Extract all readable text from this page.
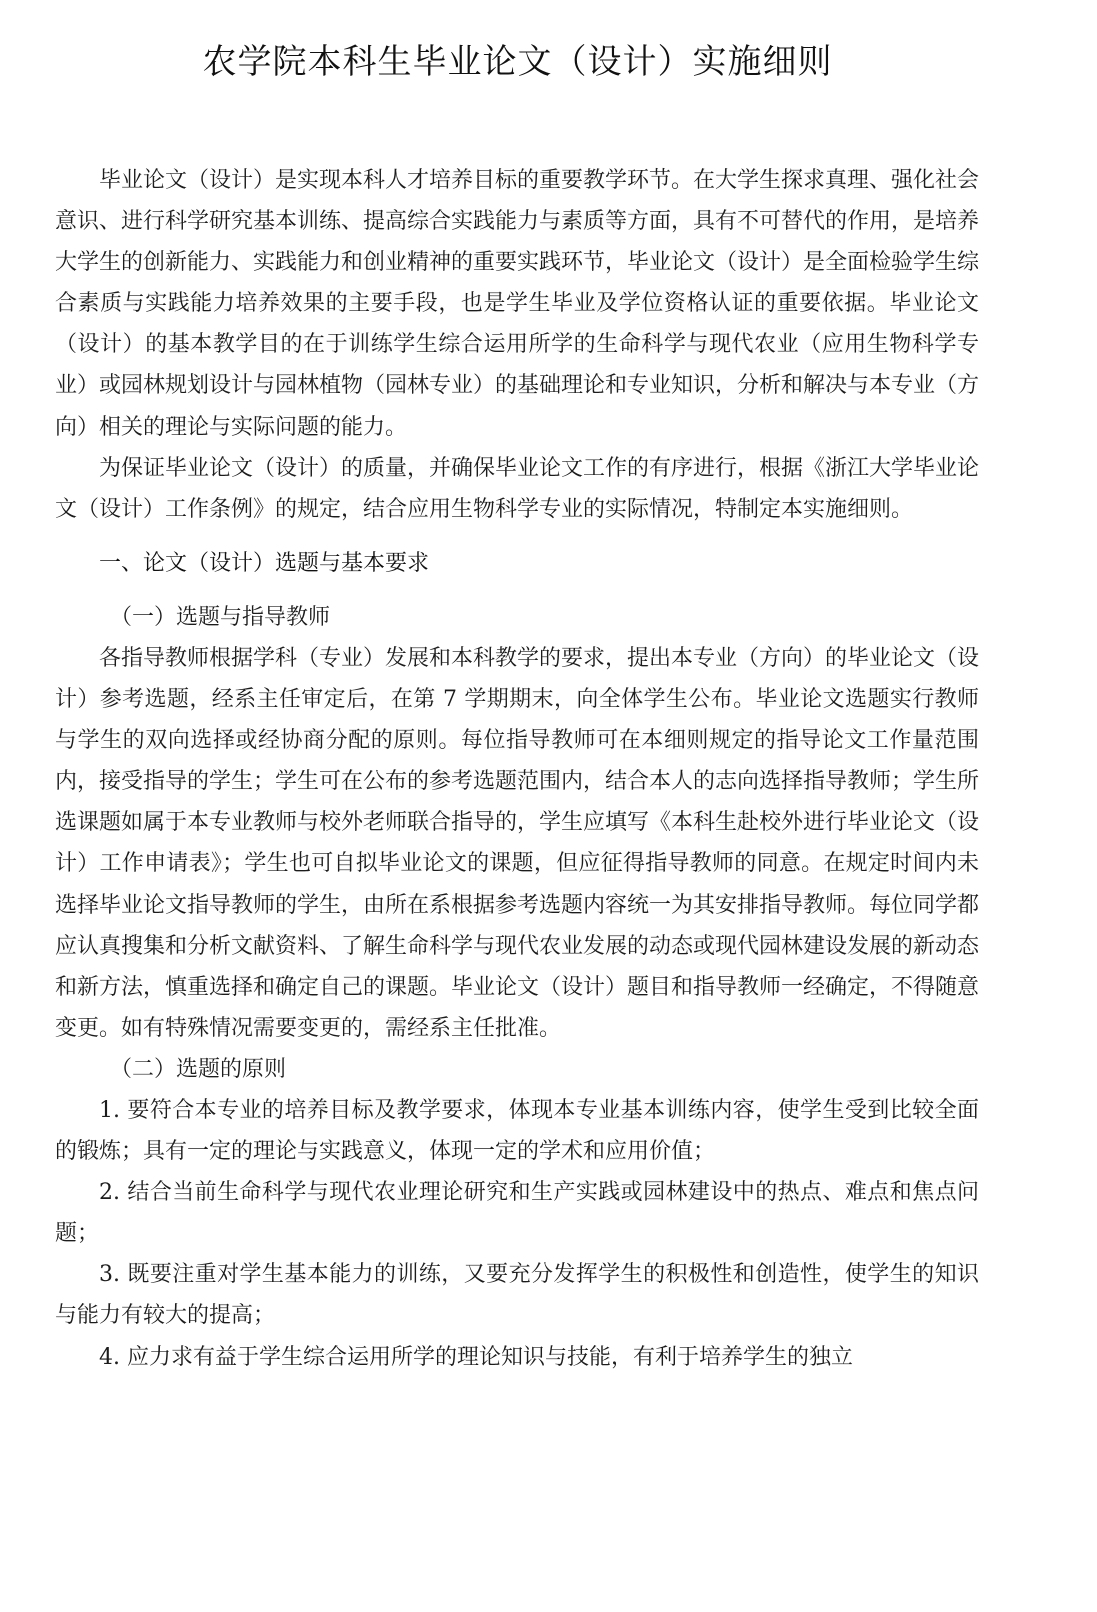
农学院本科生毕业论文（设计）实施细则

毕业论文（设计）是实现本科人才培养目标的重要教学环节。在大学生探求真理、强化社会意识、进行科学研究基本训练、提高综合实践能力与素质等方面，具有不可替代的作用，是培养大学生的创新能力、实践能力和创业精神的重要实践环节，毕业论文（设计）是全面检验学生综合素质与实践能力培养效果的主要手段，也是学生毕业及学位资格认证的重要依据。毕业论文（设计）的基本教学目的在于训练学生综合运用所学的生命科学与现代农业（应用生物科学专业）或园林规划设计与园林植物（园林专业）的基础理论和专业知识，分析和解决与本专业（方向）相关的理论与实际问题的能力。

为保证毕业论文（设计）的质量，并确保毕业论文工作的有序进行，根据《浙江大学毕业论文（设计）工作条例》的规定，结合应用生物科学专业的实际情况，特制定本实施细则。

一、论文（设计）选题与基本要求

（一）选题与指导教师

各指导教师根据学科（专业）发展和本科教学的要求，提出本专业（方向）的毕业论文（设计）参考选题，经系主任审定后，在第 7 学期期末，向全体学生公布。毕业论文选题实行教师与学生的双向选择或经协商分配的原则。每位指导教师可在本细则规定的指导论文工作量范围内，接受指导的学生；学生可在公布的参考选题范围内，结合本人的志向选择指导教师；学生所选课题如属于本专业教师与校外老师联合指导的，学生应填写《本科生赴校外进行毕业论文（设计）工作申请表》；学生也可自拟毕业论文的课题，但应征得指导教师的同意。在规定时间内未选择毕业论文指导教师的学生，由所在系根据参考选题内容统一为其安排指导教师。每位同学都应认真搜集和分析文献资料、了解生命科学与现代农业发展的动态或现代园林建设发展的新动态和新方法，慎重选择和确定自己的课题。毕业论文（设计）题目和指导教师一经确定，不得随意变更。如有特殊情况需要变更的，需经系主任批准。

（二）选题的原则

1. 要符合本专业的培养目标及教学要求，体现本专业基本训练内容，使学生受到比较全面的锻炼；具有一定的理论与实践意义，体现一定的学术和应用价值；

2. 结合当前生命科学与现代农业理论研究和生产实践或园林建设中的热点、难点和焦点问题；

3. 既要注重对学生基本能力的训练，又要充分发挥学生的积极性和创造性，使学生的知识与能力有较大的提高；

4. 应力求有益于学生综合运用所学的理论知识与技能，有利于培养学生的独立
